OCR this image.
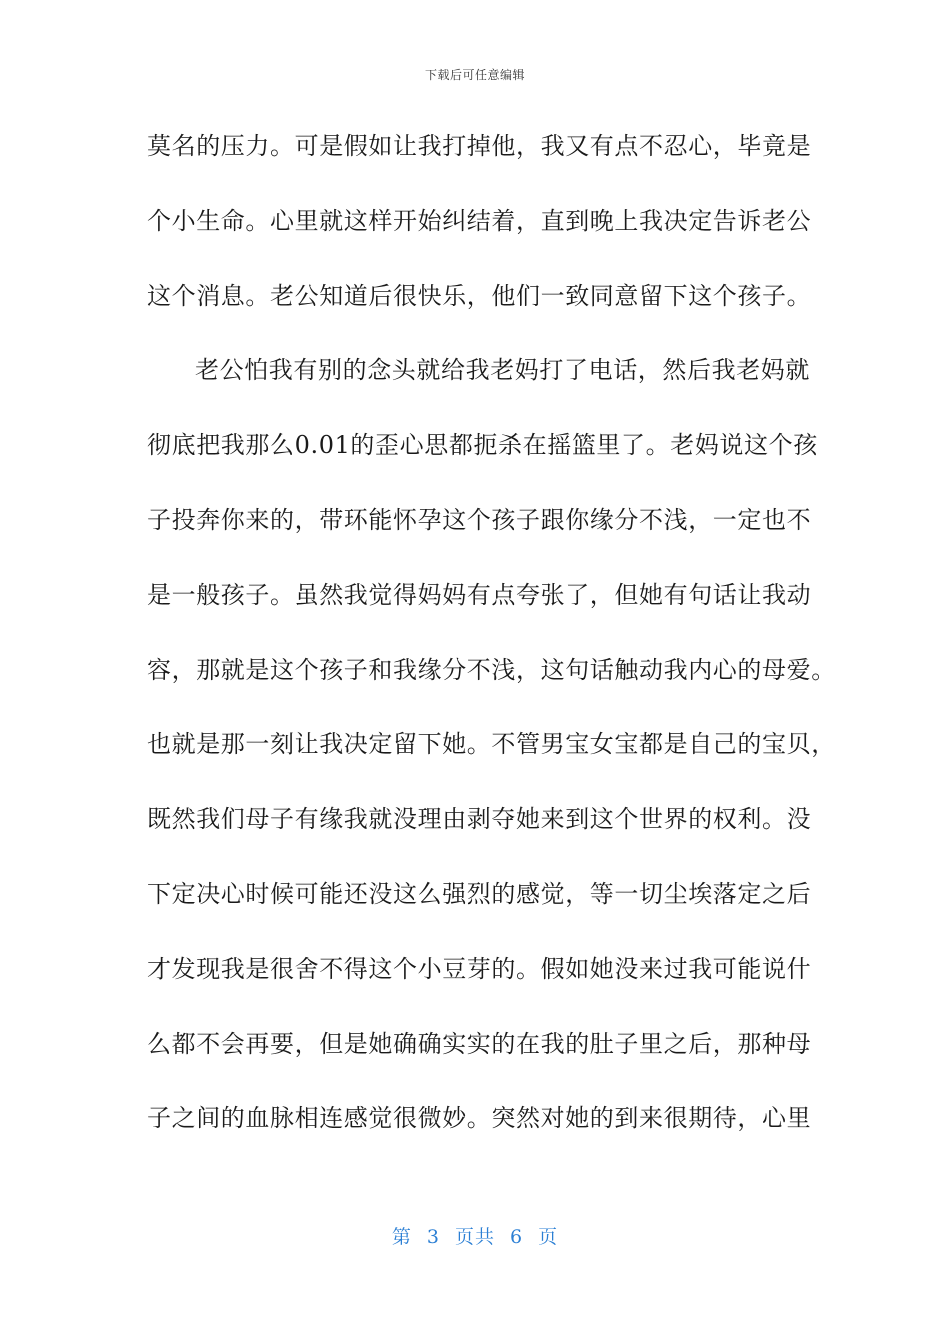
下载后可任意编辑
莫名的压力。可是假如让我打掉他，我又有点不忍心，毕竟是
个小生命。心里就这样开始纠结着，直到晚上我决定告诉老公
这个消息。老公知道后很快乐，他们一致同意留下这个孩子。
老公怕我有别的念头就给我老妈打了电话，然后我老妈就
彻底把我那么0.01的歪心思都扼杀在摇篮里了。老妈说这个孩
子投奔你来的，带环能怀孕这个孩子跟你缘分不浅，一定也不
是一般孩子。虽然我觉得妈妈有点夸张了，但她有句话让我动
容，那就是这个孩子和我缘分不浅，这句话触动我内心的母爱。
也就是那一刻让我决定留下她。不管男宝女宝都是自己的宝贝，
既然我们母子有缘我就没理由剥夺她来到这个世界的权利。没
下定决心时候可能还没这么强烈的感觉，等一切尘埃落定之后
才发现我是很舍不得这个小豆芽的。假如她没来过我可能说什
么都不会再要，但是她确确实实的在我的肚子里之后，那种母
子之间的血脉相连感觉很微妙。突然对她的到来很期待，心里
第 3 页共 6 页
